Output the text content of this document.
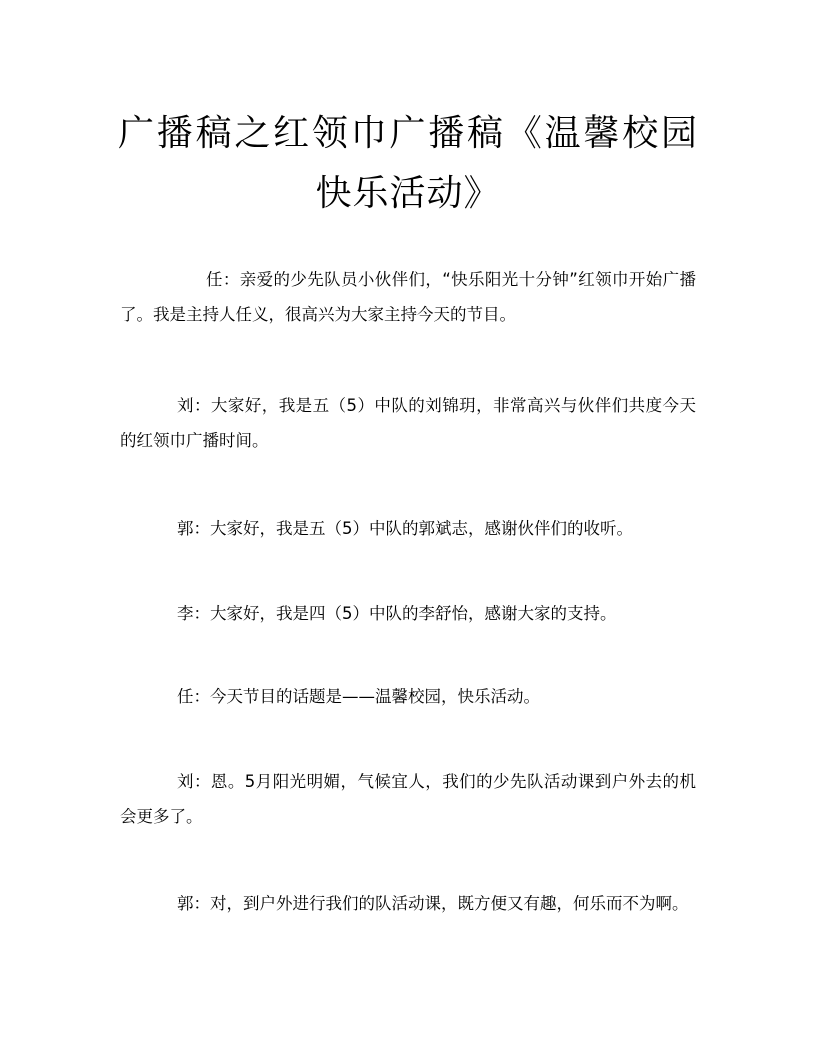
广播稿之红领巾广播稿《温馨校园 快乐活动》

任：亲爱的少先队员小伙伴们，“快乐阳光十分钟”红领巾开始广播了。我是主持人任义，很高兴为大家主持今天的节目。

刘：大家好，我是五（5）中队的刘锦玥，非常高兴与伙伴们共度今天的红领巾广播时间。

郭：大家好，我是五（5）中队的郭斌志，感谢伙伴们的收听。

李：大家好，我是四（5）中队的李舒怡，感谢大家的支持。

任：今天节目的话题是——温馨校园，快乐活动。

刘：恩。5月阳光明媚，气候宜人，我们的少先队活动课到户外去的机会更多了。

郭：对，到户外进行我们的队活动课，既方便又有趣，何乐而不为啊。
